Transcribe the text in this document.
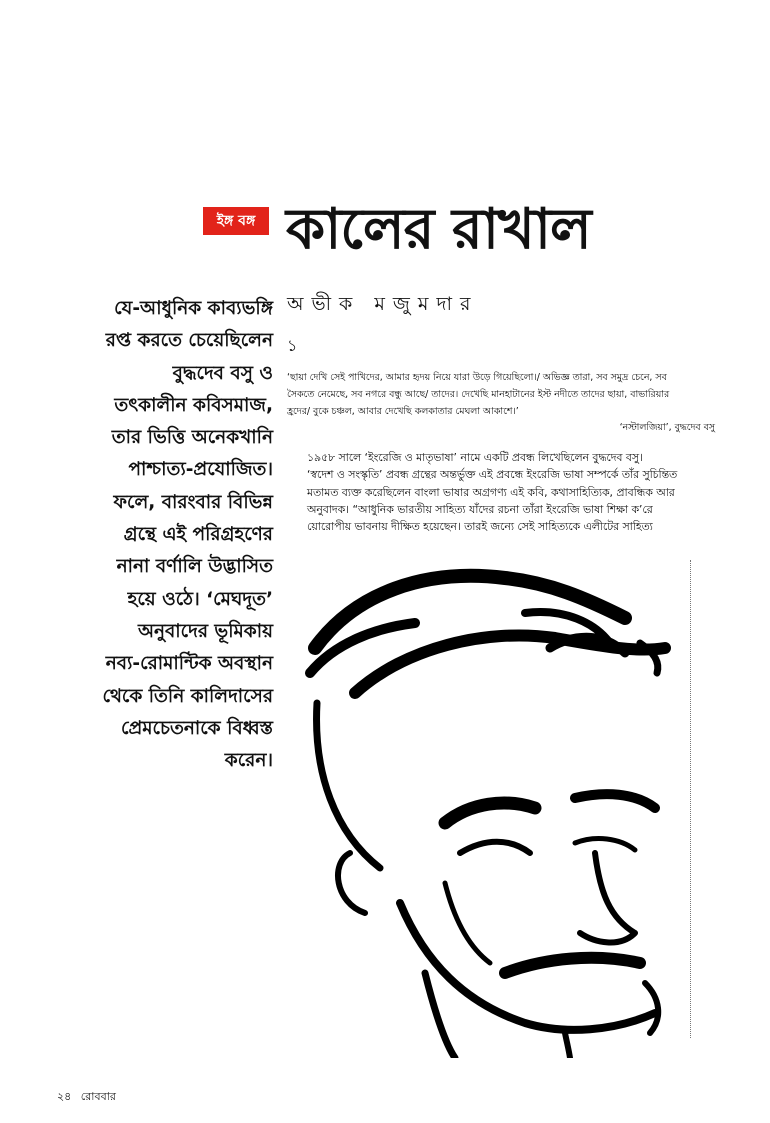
ইঙ্গ বঙ্গ কালের রাখাল

যে-আধুনিক কাব্যভঙ্গি

রপ্ত করতে চেয়েছিলেন

বুদ্ধদেব বসু ও

তৎকালীন কবিসমাজ,

তার ভিত্তি অনেকখানি

পাশ্চাত্য-প্রযোজিত।

ফলে, বারংবার বিভিন্ন

গ্রন্থে এই পরিগ্রহণের

নানা বর্ণালি উদ্ভাসিত

হয়ে ওঠে। ‘মেঘদূত’

অনুবাদের ভূমিকায়

নব্য-রোমান্টিক অবস্থান

থেকে তিনি কালিদাসের

প্রেমচেতনাকে বিধ্বস্ত

করেন।

অভীক মজুমদার
১

‘ছায়া দেখি সেই পাখিদের, আমার হৃদয় নিয়ে যারা উড়ে গিয়েছিলো।/ অভিজ্ঞ তারা, সব সমুদ্র চেনে, সব

সৈকতে নেমেছে, সব নগরে বন্ধু আছে/ তাদের। দেখেছি মানহাটানের ইস্ট নদীতে তাদের ছায়া, বাভারিয়ার

হ্রদের/ বুকে চঞ্চল, আবার দেখেছি কলকাতার মেঘলা আকাশে।’

‘নস্টালজিয়া’, বুদ্ধদেব বসু

১৯৫৮ সালে ‘ইংরেজি ও মাতৃভাষা’ নামে একটি প্রবন্ধ লিখেছিলেন বুদ্ধদেব বসু।

‘স্বদেশ ও সংস্কৃতি’ প্রবন্ধ গ্রন্থের অন্তর্ভুক্ত এই প্রবন্ধে ইংরেজি ভাষা সম্পর্কে তাঁর সুচিন্তিত

মতামত ব্যক্ত করেছিলেন বাংলা ভাষার অগ্রগণ্য এই কবি, কথাসাহিত্যিক, প্রাবন্ধিক আর

অনুবাদক। “আধুনিক ভারতীয় সাহিত্য যাঁদের রচনা তাঁরা ইংরেজি ভাষা শিক্ষা ক’রে

য়োরোপীয় ভাবনায় দীক্ষিত হয়েছেন। তারই জন্যে সেই সাহিত্যকে এলীটের সাহিত্য

২৪ রোববার
